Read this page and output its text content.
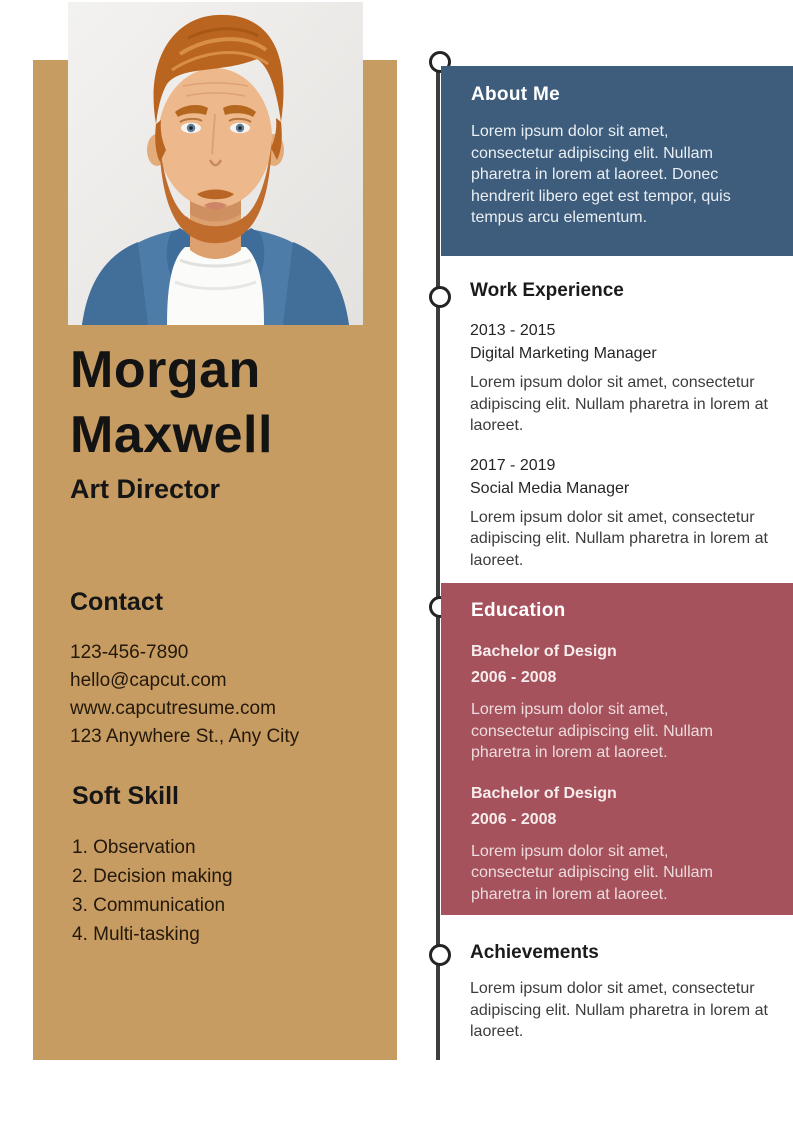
Morgan
Maxwell
Art Director
Contact
123-456-7890
hello@capcut.com
www.capcutresume.com
123 Anywhere St., Any City
Soft Skill
1. Observation
2. Decision making
3. Communication
4. Multi-tasking
About Me
Lorem ipsum dolor sit amet, consectetur adipiscing elit. Nullam pharetra in lorem at laoreet. Donec hendrerit libero eget est tempor, quis tempus arcu elementum.
Work Experience
2013 - 2015
Digital Marketing Manager
Lorem ipsum dolor sit amet, consectetur adipiscing elit. Nullam pharetra in lorem at laoreet.
2017 - 2019
Social Media Manager
Lorem ipsum dolor sit amet, consectetur adipiscing elit. Nullam pharetra in lorem at laoreet.
Education
Bachelor of Design
2006 - 2008
Lorem ipsum dolor sit amet, consectetur adipiscing elit. Nullam pharetra in lorem at laoreet.
Bachelor of Design
2006 - 2008
Lorem ipsum dolor sit amet, consectetur adipiscing elit. Nullam pharetra in lorem at laoreet.
Achievements
Lorem ipsum dolor sit amet, consectetur adipiscing elit. Nullam pharetra in lorem at laoreet.
